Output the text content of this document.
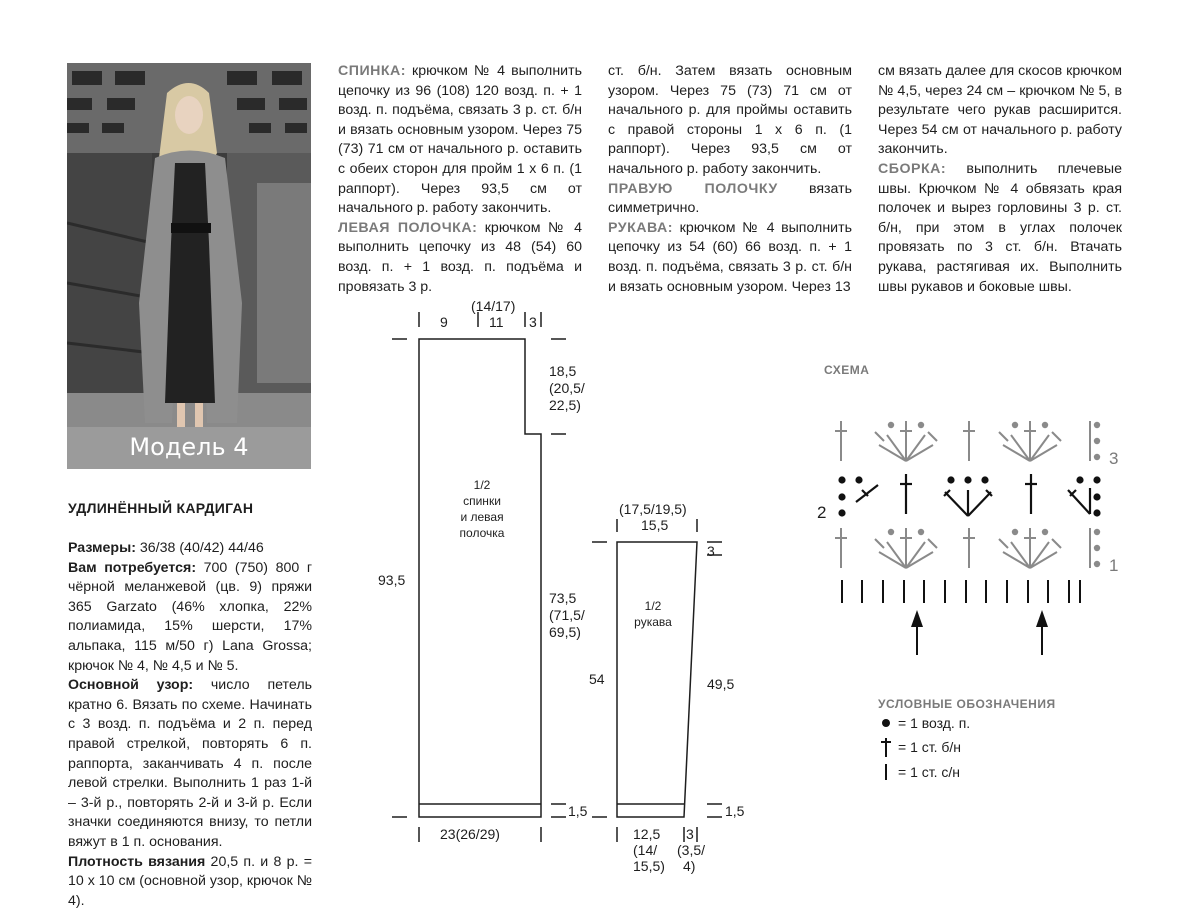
Модель 4
УДЛИНЁННЫЙ КАРДИГАН

Размеры: 36/38 (40/42) 44/46

Вам потребуется: 700 (750) 800 г чёрной меланжевой (цв. 9) пряжи 365 Garzato (46% хлопка, 22% полиамида, 15% шерсти, 17% альпака, 115 м/50 г) Lana Grossa; крючок № 4, № 4,5 и № 5.

Основной узор: число петель кратно 6. Вязать по схеме. Начинать с 3 возд. п. подъёма и 2 п. перед правой стрелкой, повторять 6 п. раппорта, заканчивать 4 п. после левой стрелки. Выполнить 1 раз 1-й – 3-й р., повторять 2-й и 3-й р. Если значки соединяются внизу, то петли вяжут в 1 п. основания.

Плотность вязания 20,5 п. и 8 р. = 10 х 10 см (основной узор, крючок № 4).

СПИНКА: крючком № 4 выполнить цепочку из 96 (108) 120 возд. п. + 1 возд. п. подъёма, связать 3 р. ст. б/н и вязать основным узором. Через 75 (73) 71 см от начального р. оставить с обеих сторон для пройм 1 х 6 п. (1 раппорт). Через 93,5 см от начального р. работу закончить.

ЛЕВАЯ ПОЛОЧКА: крючком № 4 выполнить цепочку из 48 (54) 60 возд. п. + 1 возд. п. подъёма и провязать 3 р.

ст. б/н. Затем вязать основным узором. Через 75 (73) 71 см от начального р. для проймы оставить с правой стороны 1 х 6 п. (1 раппорт). Через 93,5 см от начального р. работу закончить.

ПРАВУЮ ПОЛОЧКУ вязать симметрично.

РУКАВА: крючком № 4 выполнить цепочку из 54 (60) 66 возд. п. + 1 возд. п. подъёма, связать 3 р. ст. б/н и вязать основным узором. Через 13

см вязать далее для скосов крючком № 4,5, через 24 см – крючком № 5, в результате чего рукав расширится. Через 54 см от начального р. работу закончить.

СБОРКА: выполнить плечевые швы. Крючком № 4 обвязать края полочек и вырез горловины 3 р. ст. б/н, при этом в углах полочек провязать по 3 ст. б/н. Втачать рукава, растягивая их. Выполнить швы рукавов и боковые швы.

9
(14/17)
11 3
18,5
(20,5/
22,5)
1/2
спинки
и левая
полочка
93,5
73,5
(71,5/
69,5)
1,5
23(26/29)
(17,5/19,5)
15,5
3
1/2
рукава
54	49,5
1,5
12,5
(14/
15,5)
3
(3,5/
4)
СХЕМА
3
2
1
УСЛОВНЫЕ ОБОЗНАЧЕНИЯ
= 1 возд. п.
= 1 ст. б/н
= 1 ст. с/н
